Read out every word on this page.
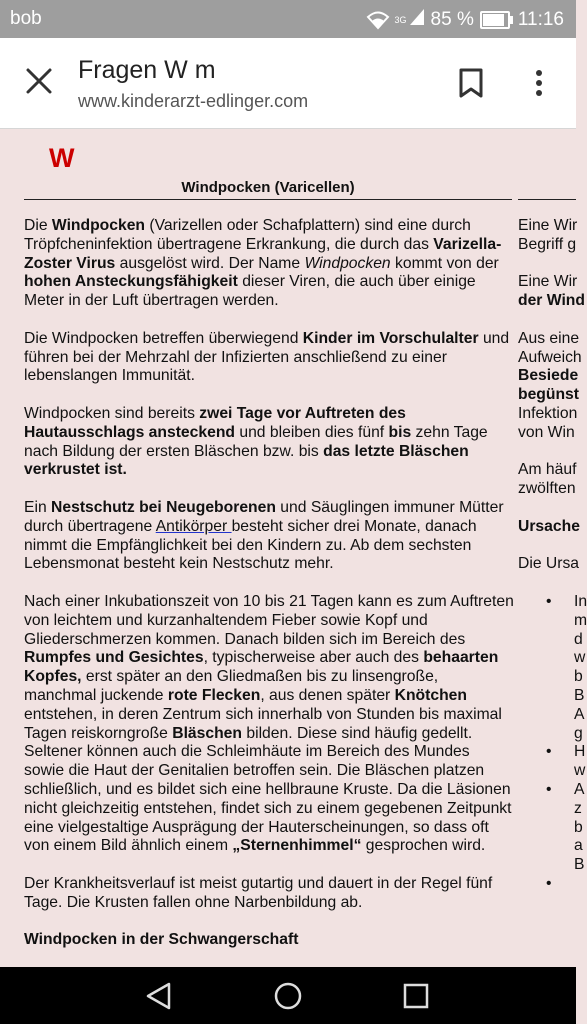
bob	3G 85 % 11:16
Fragen W m
www.kinderarzt-edlinger.com
W
Windpocken (Varicellen)

Die Windpocken (Varizellen oder Schafplattern) sind eine durch Tröpfcheninfektion übertragene Erkrankung, die durch das Varizella-Zoster Virus ausgelöst wird. Der Name Windpocken kommt von der hohen Ansteckungsfähigkeit dieser Viren, die auch über einige Meter in der Luft übertragen werden.

Die Windpocken betreffen überwiegend Kinder im Vorschulalter und führen bei der Mehrzahl der Infizierten anschließend zu einer lebenslangen Immunität.

Windpocken sind bereits zwei Tage vor Auftreten des Hautausschlags ansteckend und bleiben dies fünf bis zehn Tage nach Bildung der ersten Bläschen bzw. bis das letzte Bläschen verkrustet ist.

Ein Nestschutz bei Neugeborenen und Säuglingen immuner Mütter durch übertragene Antikörper besteht sicher drei Monate, danach nimmt die Empfänglichkeit bei den Kindern zu. Ab dem sechsten Lebensmonat besteht kein Nestschutz mehr.

Nach einer Inkubationszeit von 10 bis 21 Tagen kann es zum Auftreten von leichtem und kurzanhaltendem Fieber sowie Kopf und Gliederschmerzen kommen. Danach bilden sich im Bereich des Rumpfes und Gesichtes, typischerweise aber auch des behaarten Kopfes, erst später an den Gliedmaßen bis zu linsengroße, manchmal juckende rote Flecken, aus denen später Knötchen entstehen, in deren Zentrum sich innerhalb von Stunden bis maximal Tagen reiskorngroße Bläschen bilden. Diese sind häufig gedellt. Seltener können auch die Schleimhäute im Bereich des Mundes sowie die Haut der Genitalien betroffen sein. Die Bläschen platzen schließlich, und es bildet sich eine hellbraune Kruste. Da die Läsionen nicht gleichzeitig entstehen, findet sich zu einem gegebenen Zeitpunkt eine vielgestaltige Ausprägung der Hauterscheinungen, so dass oft von einem Bild ähnlich einem „Sternenhimmel“ gesprochen wird.

Der Krankheitsverlauf ist meist gutartig und dauert in der Regel fünf Tage. Die Krusten fallen ohne Narbenbildung ab.

Windpocken in der Schwangerschaft
Eine Wir
Begriff g
Eine Wir
der Wind
Aus eine
Aufweich
Besiede
begünst
Infektion
von Win
Am häuf
zwölften
Ursache
Die Ursa
• In
m
d
w
b
B
A
g
• H
w
• A
z
b
a
B
•
